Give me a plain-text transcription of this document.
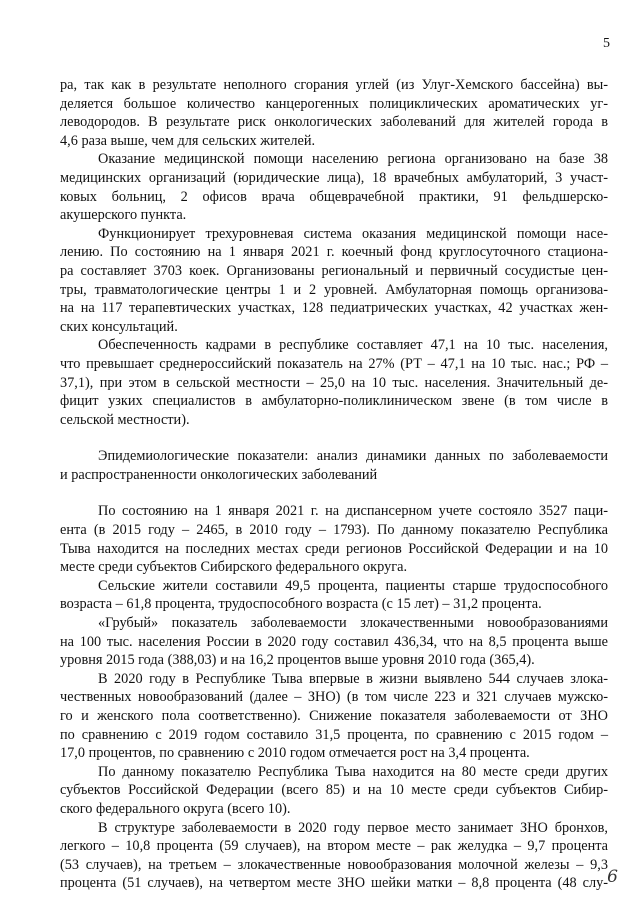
5
ра, так как в результате неполного сгорания углей (из Улуг-Хемского бассейна) вы-
деляется большое количество канцерогенных полициклических ароматических уг-
леводородов. В результате риск онкологических заболеваний для жителей города в
4,6 раза выше, чем для сельских жителей.
Оказание медицинской помощи населению региона организовано на базе 38
медицинских организаций (юридические лица), 18 врачебных амбулаторий, 3 участ-
ковых больниц, 2 офисов врача общеврачебной практики, 91 фельдшерско-
акушерского пункта.
Функционирует трехуровневая система оказания медицинской помощи насе-
лению. По состоянию на 1 января 2021 г. коечный фонд круглосуточного стациона-
ра составляет 3703 коек. Организованы региональный и первичный сосудистые цен-
тры, травматологические центры 1 и 2 уровней. Амбулаторная помощь организова-
на на 117 терапевтических участках, 128 педиатрических участках, 42 участках жен-
ских консультаций.
Обеспеченность кадрами в республике составляет 47,1 на 10 тыс. населения,
что превышает среднероссийский показатель на 27% (РТ – 47,1 на 10 тыс. нас.; РФ –
37,1), при этом в сельской местности – 25,0 на 10 тыс. населения. Значительный де-
фицит узких специалистов в амбулаторно-поликлиническом звене (в том числе в
сельской местности).
Эпидемиологические показатели: анализ динамики данных по заболеваемости
и распространенности онкологических заболеваний
По состоянию на 1 января 2021 г. на диспансерном учете состояло 3527 паци-
ента (в 2015 году – 2465, в 2010 году – 1793). По данному показателю Республика
Тыва находится на последних местах среди регионов Российской Федерации и на 10
месте среди субъектов Сибирского федерального округа.
Сельские жители составили 49,5 процента, пациенты старше трудоспособного
возраста – 61,8 процента, трудоспособного возраста (с 15 лет) – 31,2 процента.
«Грубый» показатель заболеваемости злокачественными новообразованиями
на 100 тыс. населения России в 2020 году составил 436,34, что на 8,5 процента выше
уровня 2015 года (388,03) и на 16,2 процентов выше уровня 2010 года (365,4).
В 2020 году в Республике Тыва впервые в жизни выявлено 544 случаев злока-
чественных новообразований (далее – ЗНО) (в том числе 223 и 321 случаев мужско-
го и женского пола соответственно). Снижение показателя заболеваемости от ЗНО
по сравнению с 2019 годом составило 31,5 процента, по сравнению с 2015 годом –
17,0 процентов, по сравнению с 2010 годом отмечается рост на 3,4 процента.
По данному показателю Республика Тыва находится на 80 месте среди других
субъектов Российской Федерации (всего 85) и на 10 месте среди субъектов Сибир-
ского федерального округа (всего 10).
В структуре заболеваемости в 2020 году первое место занимает ЗНО бронхов,
легкого – 10,8 процента (59 случаев), на втором месте – рак желудка – 9,7 процента
(53 случаев), на третьем – злокачественные новообразования молочной железы – 9,3
процента (51 случаев), на четвертом месте ЗНО шейки матки – 8,8 процента (48 слу- 6
